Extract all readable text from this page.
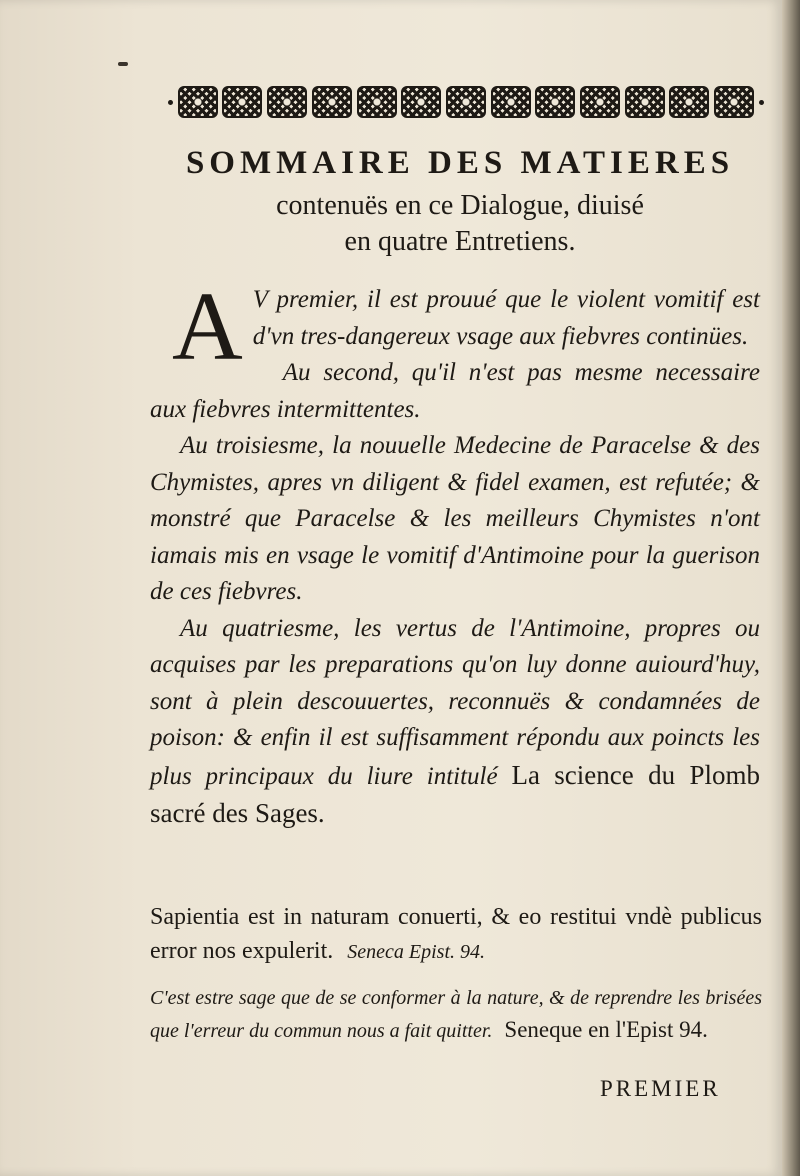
SOMMAIRE DES MATIERES
contenuës en ce Dialogue, diuisé
en quatre Entretiens.

A V premier, il est prouué que le violent vomitif est d'vn tres-dangereux vsage aux fiebvres continües.

Au second, qu'il n'est pas mesme necessaire aux fiebvres intermittentes.

Au troisiesme, la nouuelle Medecine de Paracelse & des Chymistes, apres vn diligent & fidel examen, est refutée; & monstré que Paracelse & les meilleurs Chymistes n'ont iamais mis en vsage le vomitif d'Antimoine pour la guerison de ces fiebvres.

Au quatriesme, les vertus de l'Antimoine, propres ou acquises par les preparations qu'on luy donne auiourd'huy, sont à plein descouuertes, reconnuës & condamnées de poison: & enfin il est suffisamment répondu aux poincts les plus principaux du liure intitulé La science du Plomb sacré des Sages.

Sapientia est in naturam conuerti, & eo restitui vndè publicus error nos expulerit. Seneca Epist. 94.

C'est estre sage que de se conformer à la nature, & de reprendre les brisées que l'erreur du commun nous a fait quitter. Seneque en l'Epist 94.

PREMIER
